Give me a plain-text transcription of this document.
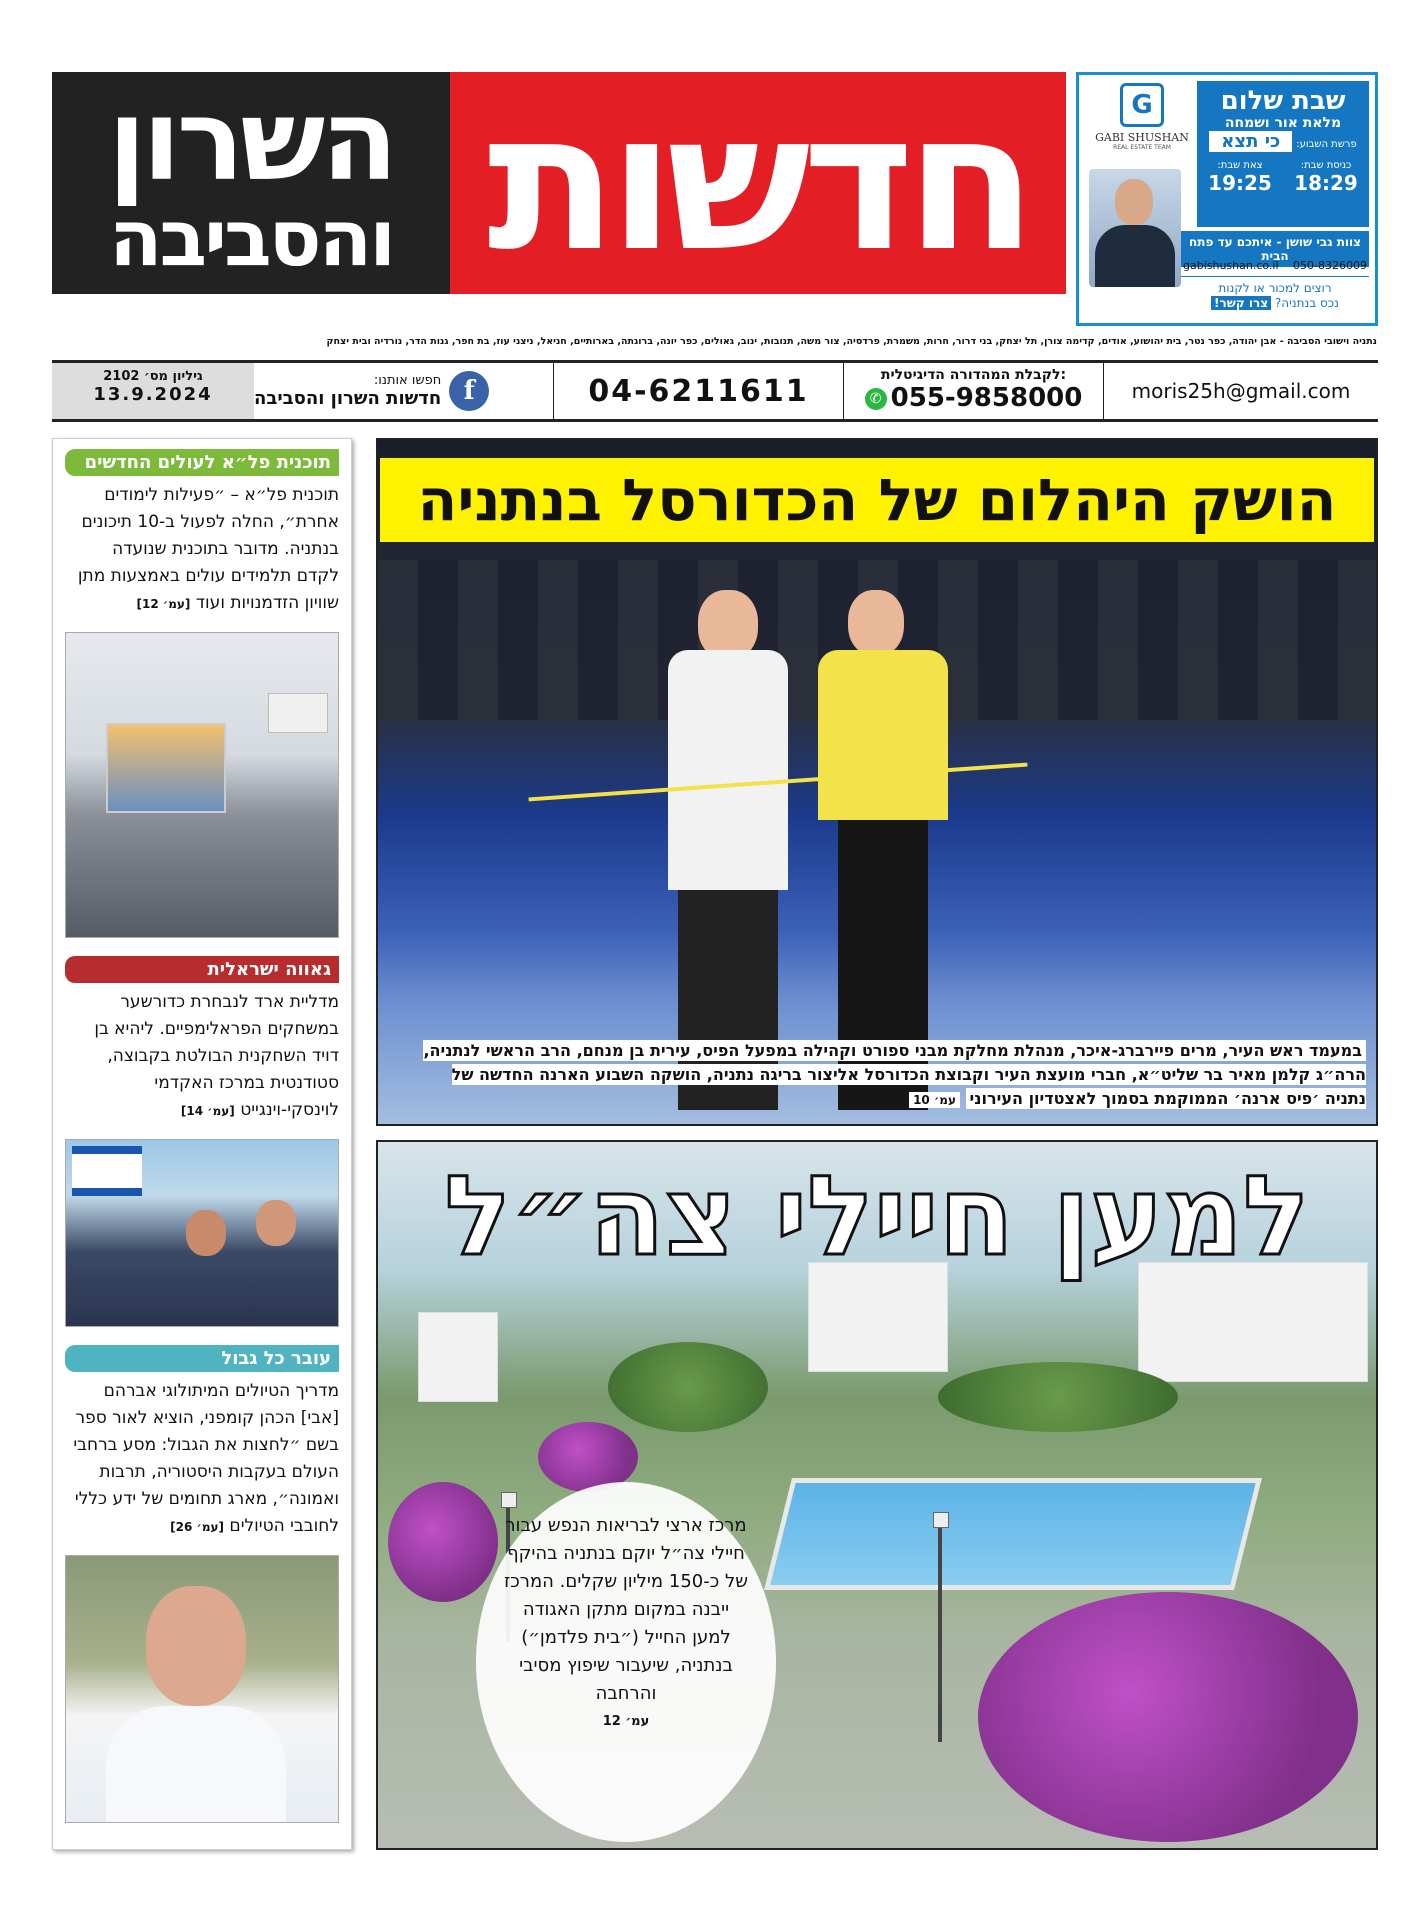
השרון
והסביבה חדשות	שבת שלום
מלאת אור ושמחה
פרשת השבוע:כי תצא
כניסת שבת:
18:29
צאת שבת:
19:25
G
GABI SHUSHAN
REAL ESTATE TEAM
צוות גבי שושן - איתכם עד פתח הבית
050-8326009
gabishushan.co.il
רוצים למכור או לקנות
נכס בנתניה? צרו קשר!
נתניה וישובי הסביבה - אבן יהודה, כפר נטר, בית יהושוע, אודים, קדימה צורן, תל יצחק, בני דרור, חרות, משמרת, פרדסיה, צור משה, תנובות, ינוב, גאולים, כפר יונה, ברוגתה, בארותיים, חניאל, ניצני עוז, בת חפר, גנות הדר, נורדיה ובית יצחק
גיליון מס׳ 2102
13.9.2024	f
חפשו אותנו:
חדשות השרון והסביבה	04-6211611	לקבלת המהדורה הדיגיטלית:
✆ 055-9858000	moris25h@gmail.com
תוכנית פל״א לעולים החדשים
תוכנית פל״א – ״פעילות לימודים אחרת״, החלה לפעול ב-10 תיכונים בנתניה. מדובר בתוכנית שנועדה לקדם תלמידים עולים באמצעות מתן שוויון הזדמנויות ועוד [עמ׳ 12]
גאווה ישראלית
מדליית ארד לנבחרת כדורשער במשחקים הפראלימפיים. ליהיא בן דויד השחקנית הבולטת בקבוצה, סטודנטית במרכז האקדמי לוינסקי-וינגייט [עמ׳ 14]
עובר כל גבול
מדריך הטיולים המיתולוגי אברהם [אבי] הכהן קומפני, הוציא לאור ספר בשם ״לחצות את הגבול: מסע ברחבי העולם בעקבות היסטוריה, תרבות ואמונה״, מארג תחומים של ידע כללי לחובבי הטיולים [עמ׳ 26]
הושק היהלום של הכדורסל בנתניה
במעמד ראש העיר, מרים פיירברג-איכר, מנהלת מחלקת מבני ספורט וקהילה במפעל הפיס, עירית בן מנחם, הרב הראשי לנתניה, הרה״ג קלמן מאיר בר שליט״א, חברי מועצת העיר וקבוצת הכדורסל אליצור בריגה נתניה, הושקה השבוע הארנה החדשה של נתניה ׳פיס ארנה׳ הממוקמת בסמוך לאצטדיון העירוני עמ׳ 10
למען חיילי צה״ל
מרכז ארצי לבריאות הנפש עבור חיילי צה״ל יוקם בנתניה בהיקף של כ-150 מיליון שקלים. המרכז ייבנה במקום מתקן האגודה למען החייל (״בית פלדמן״) בנתניה, שיעבור שיפוץ מסיבי והרחבה
עמ׳ 12
